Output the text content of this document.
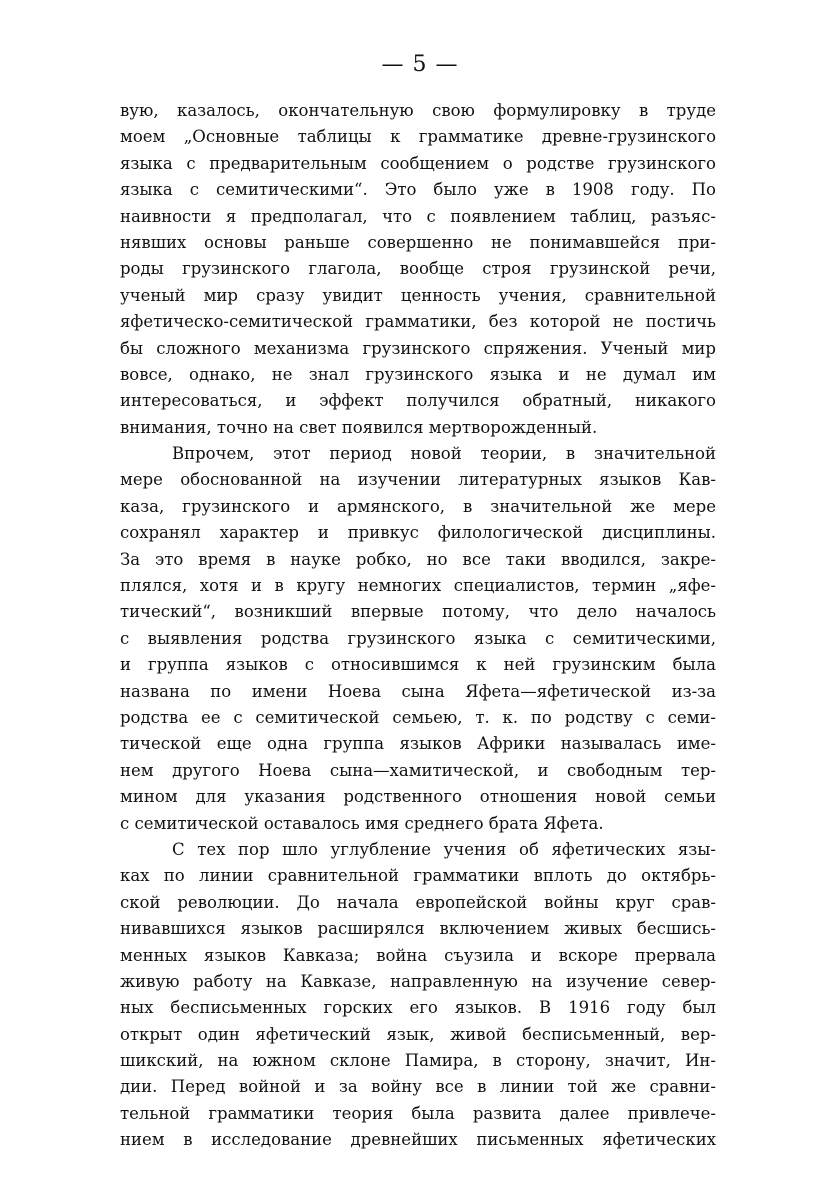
— 5 —
вую, казалось, окончательную свою формулировку в труде
моем „Основные таблицы к грамматике древне-грузинского
языка с предварительным сообщением о родстве грузинского
языка с семитическими“. Это было уже в 1908 году. По
наивности я предполагал, что с появлением таблиц, разъяс-
нявших основы раньше совершенно не понимавшейся при-
роды грузинского глагола, вообще строя грузинской речи,
ученый мир сразу увидит ценность учения, сравнительной
яфетическо-семитической грамматики, без которой не постичь
бы сложного механизма грузинского спряжения. Ученый мир
вовсе, однако, не знал грузинского языка и не думал им
интересоваться, и эффект получился обратный, никакого
внимания, точно на свет появился мертворожденный.
Впрочем, этот период новой теории, в значительной
мере обоснованной на изучении литературных языков Кав-
каза, грузинского и армянского, в значительной же мере
сохранял характер и привкус филологической дисциплины.
За это время в науке робко, но все таки вводился, закре-
плялся, хотя и в кругу немногих специалистов, термин „яфе-
тический“, возникший впервые потому, что дело началось
с выявления родства грузинского языка с семитическими,
и группа языков с относившимся к ней грузинским была
названа по имени Ноева сына Яфета—яфетической из-за
родства ее с семитической семьею, т. к. по родству с семи-
тической еще одна группа языков Африки называлась име-
нем другого Ноева сына—хамитической, и свободным тер-
мином для указания родственного отношения новой семьи
с семитической оставалось имя среднего брата Яфета.
С тех пор шло углубление учения об яфетических язы-
ках по линии сравнительной грамматики вплоть до октябрь-
ской революции. До начала европейской войны круг срав-
нивавшихся языков расширялся включением живых бесшись-
менных языков Кавказа; война съузила и вскоре прервала
живую работу на Кавказе, направленную на изучение север-
ных бесписьменных горских его языков. В 1916 году был
открыт один яфетический язык, живой бесписьменный, вер-
шикский, на южном склоне Памира, в сторону, значит, Ин-
дии. Перед войной и за войну все в линии той же сравни-
тельной грамматики теория была развита далее привлече-
нием в исследование древнейших письменных яфетических
